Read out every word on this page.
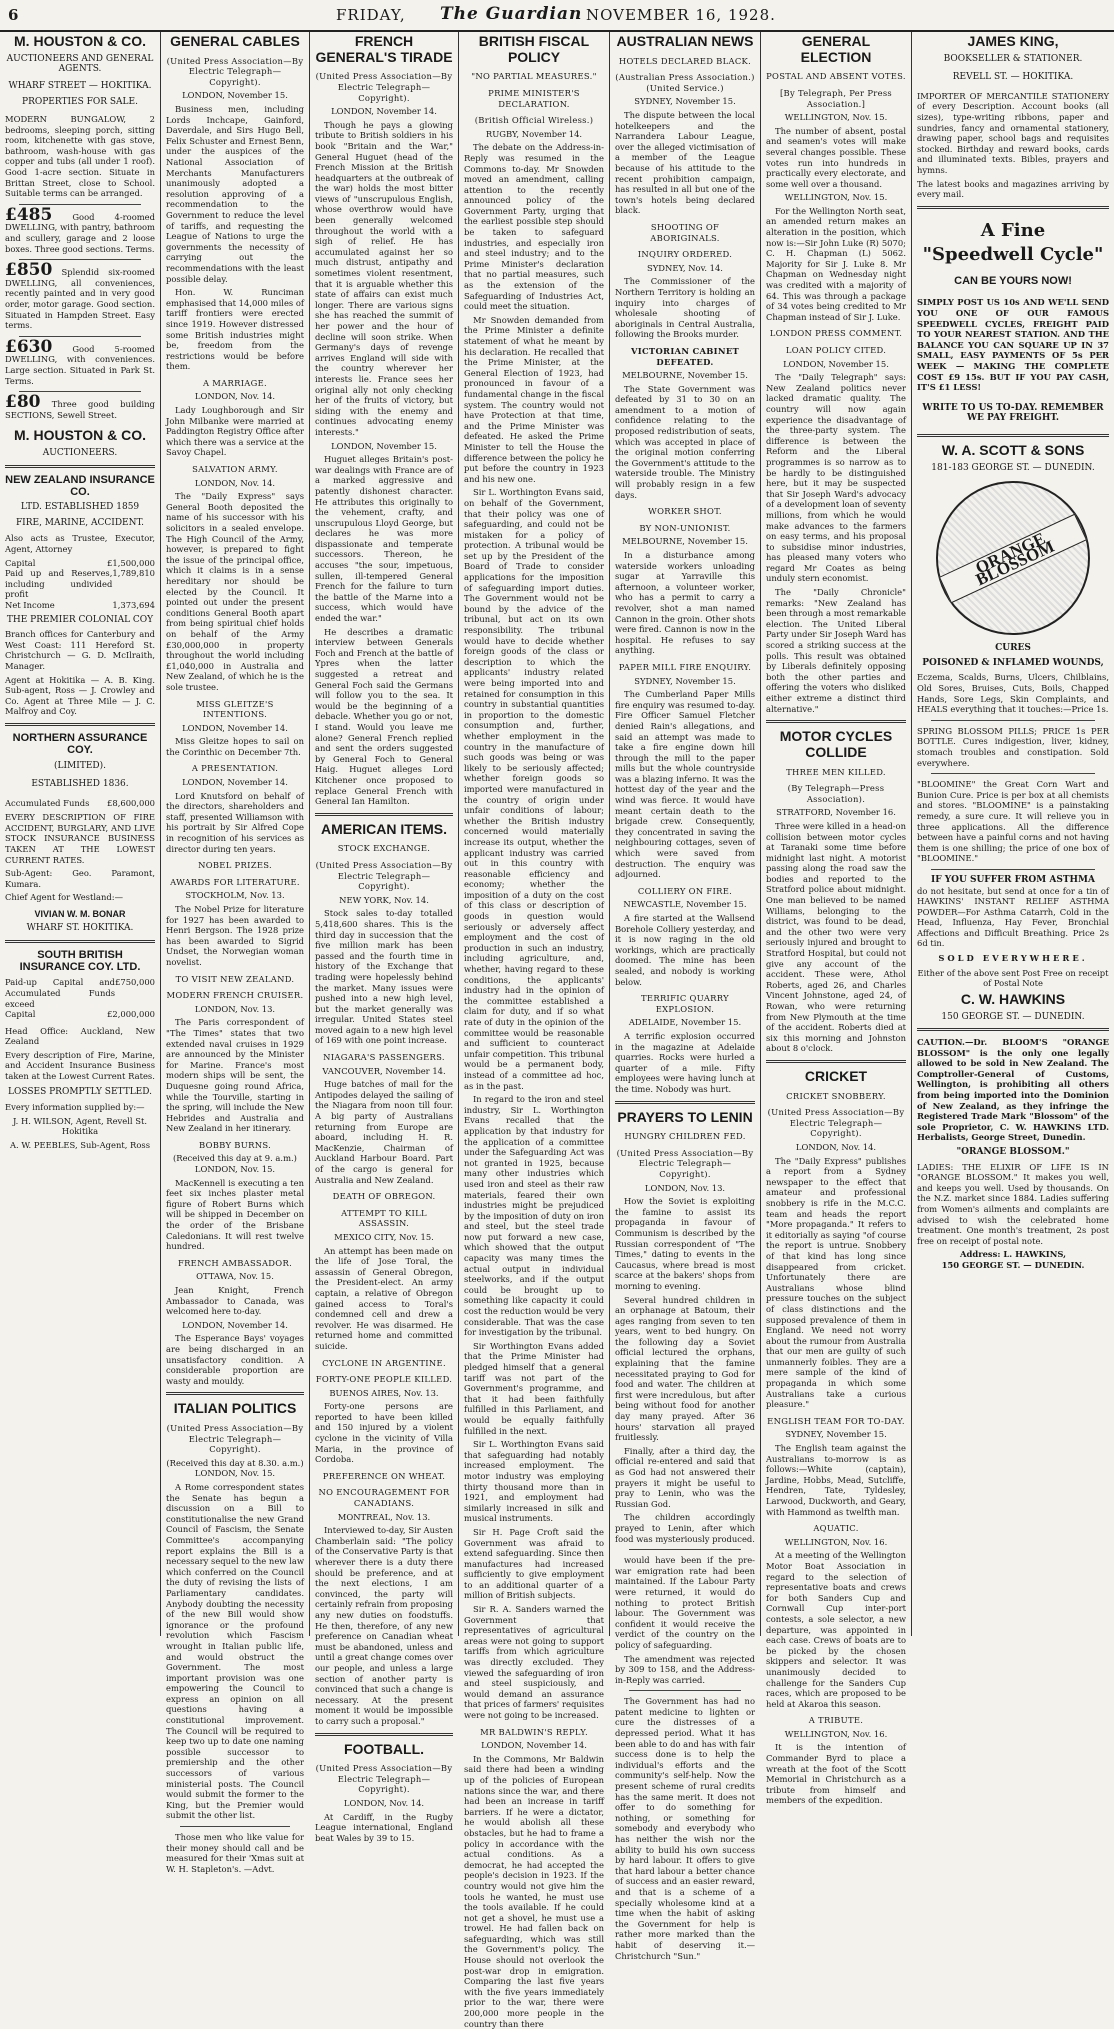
6	FRIDAY, The Guardian NOVEMBER 16, 1928.
M. HOUSTON & CO.
AUCTIONEERS AND GENERAL AGENTS.
WHARF STREET — HOKITIKA.
PROPERTIES FOR SALE.

MODERN BUNGALOW, 2 bedrooms, sleeping porch, sitting room, kitchenette with gas stove, bathroom, wash-house with gas copper and tubs (all under 1 roof). Good 1-acre section. Situate in Brittan Street, close to School. Suitable terms can be arranged.

£485 Good 4-roomed DWELLING, with pantry, bathroom and scullery, garage and 2 loose boxes. Three good sections. Terms.

£850 Splendid six-roomed DWELLING, all conveniences, recently painted and in very good order, motor garage. Good section. Situated in Hampden Street. Easy terms.

£630 Good 5-roomed DWELLING, with conveniences. Large section. Situated in Park St. Terms.

£80 Three good building SECTIONS, Sewell Street.

M. HOUSTON & CO.
AUCTIONEERS.
NEW ZEALAND INSURANCE CO.
LTD. ESTABLISHED 1859
FIRE, MARINE, ACCIDENT.

Also acts as Trustee, Executor, Agent, Attorney

Capital	£1,500,000
Paid up and Reserves, including undivided profit
1,789,810
Net Income	1,373,694
THE PREMIER COLONIAL COY

Branch offices for Canterbury and West Coast: 111 Hereford St. Christchurch — G. D. McIlraith, Manager.

Agent at Hokitika — A. B. King. Sub-agent, Ross — J. Crowley and Co. Agent at Three Mile — J. C. Malfroy and Coy.

NORTHERN ASSURANCE COY.
(LIMITED).
ESTABLISHED 1836.
Accumulated Funds £8,600,000

EVERY DESCRIPTION OF FIRE ACCIDENT, BURGLARY, AND LIVE STOCK INSURANCE BUSINESS TAKEN AT THE LOWEST CURRENT RATES.

Sub-Agent: Geo. Paramont, Kumara.

Chief Agent for Westland:—

VIVIAN W. M. BONAR
WHARF ST. HOKITIKA.
SOUTH BRITISH INSURANCE COY. LTD.
Paid-up Capital and Accumulated Funds exceed
£750,000
Capital	£2,000,000

Head Office: Auckland, New Zealand

Every description of Fire, Marine, and Accident Insurance Business taken at the Lowest Current Rates.

LOSSES PROMPTLY SETTLED.

Every information supplied by:—

J. H. WILSON, Agent, Revell St. Hokitika

A. W. PEEBLES, Sub-Agent, Ross

GENERAL CABLES
(United Press Association—By Electric Telegraph—Copyright).
LONDON, November 15.

Business men, including Lords Inchcape, Gainford, Daverdale, and Sirs Hugo Bell, Felix Schuster and Ernest Benn, under the auspices of the National Association of Merchants Manufacturers unanimously adopted a resolution approving of a recommendation to the Government to reduce the level of tariffs, and requesting the League of Nations to urge the governments the necessity of carrying out the recommendations with the least possible delay.

Hon. W. Runciman emphasised that 14,000 miles of tariff frontiers were erected since 1919. However distressed some British industries might be, freedom from the restrictions would be before them.

A MARRIAGE.
LONDON, Nov. 14.

Lady Loughborough and Sir John Milbanke were married at Paddington Registry Office after which there was a service at the Savoy Chapel.

SALVATION ARMY.
LONDON, Nov. 14.

The "Daily Express" says General Booth deposited the name of his successor with his solicitors in a sealed envelope. The High Council of the Army, however, is prepared to fight the issue of the principal office, which it claims is in a sense hereditary nor should be elected by the Council. It pointed out under the present conditions General Booth apart from being spiritual chief holds on behalf of the Army £30,000,000 in property throughout the world including £1,040,000 in Australia and New Zealand, of which he is the sole trustee.

MISS GLEITZE'S INTENTIONS.
LONDON, November 14.

Miss Gleitze hopes to sail on the Corinthic on December 7th.

A PRESENTATION.
LONDON, November 14.

Lord Knutsford on behalf of the directors, shareholders and staff, presented Williamson with his portrait by Sir Alfred Cope in recognition of his services as director during ten years.

NOBEL PRIZES.
AWARDS FOR LITERATURE.
STOCKHOLM, Nov. 13.

The Nobel Prize for literature for 1927 has been awarded to Henri Bergson. The 1928 prize has been awarded to Sigrid Undset, the Norwegian woman novelist.

TO VISIT NEW ZEALAND.
MODERN FRENCH CRUISER.
LONDON, Nov. 13.

The Paris correspondent of "The Times" states that two extended naval cruises in 1929 are announced by the Minister for Marine. France's most modern ships will be sent, the Duquesne going round Africa, while the Tourville, starting in the spring, will include the New Hebrides and Australia and New Zealand in her itinerary.

BOBBY BURNS.
(Received this day at 9. a.m.) LONDON, Nov. 15.

MacKennell is executing a ten feet six inches plaster metal figure of Robert Burns which will be shipped in December on the order of the Brisbane Caledonians. It will rest twelve hundred.

FRENCH AMBASSADOR.
OTTAWA, Nov. 15.

Jean Knight, French Ambassador to Canada, was welcomed here to-day.

LONDON, November 14.

The Esperance Bays' voyages are being discharged in an unsatisfactory condition. A considerable proportion are wasty and mouldy.

ITALIAN POLITICS
(United Press Association—By Electric Telegraph—Copyright).
(Received this day at 8.30. a.m.) LONDON, Nov. 15.

A Rome correspondent states the Senate has begun a discussion on a Bill to constitutionalise the new Grand Council of Fascism, the Senate Committee's accompanying report explains the Bill is a necessary sequel to the new law which conferred on the Council the duty of revising the lists of Parliamentary candidates. Anybody doubting the necessity of the new Bill would show ignorance or the profound revolution which Fascism wrought in Italian public life, and would obstruct the Government. The most important provision was one empowering the Council to express an opinion on all questions having a constitutional improvement. The Council will be required to keep two up to date one naming possible successor to premiership and the other successors of various ministerial posts. The Council would submit the former to the King, but the Premier would submit the other list.

Those men who like value for their money should call and be measured for their 'Xmas suit at W. H. Stapleton's. —Advt.

FRENCH GENERAL'S TIRADE
(United Press Association—By Electric Telegraph—Copyright).
LONDON, November 14.

Though he pays a glowing tribute to British soldiers in his book "Britain and the War," General Huguet (head of the French Mission at the British headquarters at the outbreak of the war) holds the most bitter views of "unscrupulous English, whose overthrow would have been generally welcomed throughout the world with a sigh of relief. He has accumulated against her so much distrust, antipathy and sometimes violent resentment, that it is arguable whether this state of affairs can exist much longer. There are various signs she has reached the summit of her power and the hour of decline will soon strike. When Germany's days of revenge arrives England will side with the country wherever her interests lie. France sees her original ally not only checking her of the fruits of victory, but siding with the enemy and continues advocating enemy interests."

LONDON, November 15.

Huguet alleges Britain's post-war dealings with France are of a marked aggressive and patently dishonest character. He attributes this originally to the vehement, crafty, and unscrupulous Lloyd George, but declares he was more dispassionate and temperate successors. Thereon, he accuses "the sour, impetuous, sullen, ill-tempered General French for the failure to turn the battle of the Marne into a success, which would have ended the war."

He describes a dramatic interview between Generals Foch and French at the battle of Ypres when the latter suggested a retreat and General Foch said the Germans will follow you to the sea. It would be the beginning of a debacle. Whether you go or not, I stand. Would you leave me alone? General French replied and sent the orders suggested by General Foch to General Haig. Huguet alleges Lord Kitchener once proposed to replace General French with General Ian Hamilton.

AMERICAN ITEMS.
STOCK EXCHANGE.
(United Press Association—By Electric Telegraph—Copyright).
NEW YORK, Nov. 14.

Stock sales to-day totalled 5,418,600 shares. This is the third day in succession that the five million mark has been passed and the fourth time in history of the Exchange that trading were hopelessly behind the market. Many issues were pushed into a new high level, but the market generally was irregular. United States steel moved again to a new high level of 169 with one point increase.

NIAGARA'S PASSENGERS.
VANCOUVER, November 14.

Huge batches of mail for the Antipodes delayed the sailing of the Niagara from noon till four. A big party of Australians returning from Europe are aboard, including H. R. MacKenzie, Chairman of Auckland Harbour Board. Part of the cargo is general for Australia and New Zealand.

DEATH OF OBREGON.
ATTEMPT TO KILL ASSASSIN.
MEXICO CITY, Nov. 15.

An attempt has been made on the life of Jose Toral, the assassin of General Obregon, the President-elect. An army captain, a relative of Obregon gained access to Toral's condemned cell and drew a revolver. He was disarmed. He returned home and committed suicide.

CYCLONE IN ARGENTINE.
FORTY-ONE PEOPLE KILLED.
BUENOS AIRES, Nov. 13.

Forty-one persons are reported to have been killed and 150 injured by a violent cyclone in the vicinity of Villa Maria, in the province of Cordoba.

PREFERENCE ON WHEAT.
NO ENCOURAGEMENT FOR CANADIANS.
MONTREAL, Nov. 13.

Interviewed to-day, Sir Austen Chamberlain said: "The policy of the Conservative Party is that wherever there is a duty there should be preference, and at the next elections, I am convinced, the party will certainly refrain from proposing any new duties on foodstuffs. He then, therefore, of any new preference on Canadian wheat must be abandoned, unless and until a great change comes over our people, and unless a large section of another party is convinced that such a change is necessary. At the present moment it would be impossible to carry such a proposal."

FOOTBALL.
(United Press Association—By Electric Telegraph—Copyright).
LONDON, Nov. 14.

At Cardiff, in the Rugby League international, England beat Wales by 39 to 15.

BRITISH FISCAL POLICY
"NO PARTIAL MEASURES."
PRIME MINISTER'S DECLARATION.
(British Official Wireless.)
RUGBY, November 14.

The debate on the Address-in-Reply was resumed in the Commons to-day. Mr Snowden moved an amendment, calling attention to the recently announced policy of the Government Party, urging that the earliest possible step should be taken to safeguard industries, and especially iron and steel industry; and to the Prime Minister's declaration that no partial measures, such as the extension of the Safeguarding of Industries Act, could meet the situation.

Mr Snowden demanded from the Prime Minister a definite statement of what he meant by his declaration. He recalled that the Prime Minister, at the General Election of 1923, had pronounced in favour of a fundamental change in the fiscal system. The country would not have Protection at that time, and the Prime Minister was defeated. He asked the Prime Minister to tell the House the difference between the policy he put before the country in 1923 and his new one.

Sir L. Worthington Evans said, on behalf of the Government, that their policy was one of safeguarding, and could not be mistaken for a policy of protection. A tribunal would be set up by the President of the Board of Trade to consider applications for the imposition of safeguarding import duties. The Government would not be bound by the advice of the tribunal, but act on its own responsibility. The tribunal would have to decide whether foreign goods of the class or description to which the applicants' industry related were being imported into and retained for consumption in this country in substantial quantities in proportion to the domestic consumption and, further, whether employment in the country in the manufacture of such goods was being or was likely to be seriously affected; whether foreign goods so imported were manufactured in the country of origin under unfair conditions of labour; whether the British industry concerned would materially increase its output, whether the applicant industry was carried out in this country with reasonable efficiency and economy; whether the imposition of a duty on the cost of this class or description of goods in question would seriously or adversely affect employment and the cost of production in such an industry, including agriculture, and, whether, having regard to these conditions, the applicants' industry had in the opinion of the committee established a claim for duty, and if so what rate of duty in the opinion of the committee would be reasonable and sufficient to counteract unfair competition. This tribunal would be a permanent body, instead of a committee ad hoc, as in the past.

In regard to the iron and steel industry, Sir L. Worthington Evans recalled that the application by that industry for the application of a committee under the Safeguarding Act was not granted in 1925, because many other industries which used iron and steel as their raw materials, feared their own industries might be prejudiced by the imposition of duty on iron and steel, but the steel trade now put forward a new case, which showed that the output capacity was many times the actual output in individual steelworks, and if the output could be brought up to something like capacity it could cost the reduction would be very considerable. That was the case for investigation by the tribunal.

Sir Worthington Evans added that the Prime Minister had pledged himself that a general tariff was not part of the Government's programme, and that it had been faithfully fulfilled in this Parliament, and would be equally faithfully fulfilled in the next.

Sir L. Worthington Evans said that safeguarding had notably increased employment. The motor industry was employing thirty thousand more than in 1921, and employment had similarly increased in silk and musical instruments.

Sir H. Page Croft said the Government was afraid to extend safeguarding. Since then manufactures had increased sufficiently to give employment to an additional quarter of a million of British subjects.

Sir R. A. Sanders warned the Government that representatives of agricultural areas were not going to support tariffs from which agriculture was directly excluded. They viewed the safeguarding of iron and steel suspiciously, and would demand an assurance that prices of farmers' requisites were not going to be increased.

MR BALDWIN'S REPLY.
LONDON, November 14.

In the Commons, Mr Baldwin said there had been a winding up of the policies of European nations since the war, and there had been an increase in tariff barriers. If he were a dictator, he would abolish all these obstacles, but he had to frame a policy in accordance with the actual conditions. As a democrat, he had accepted the people's decision in 1923. If the country would not give him the tools he wanted, he must use the tools available. If he could not get a shovel, he must use a trowel. He had fallen back on safeguarding, which was still the Government's policy. The House should not overlook the post-war drop in emigration. Comparing the last five years with the five years immediately prior to the war, there were 200,000 more people in the country than there

AUSTRALIAN NEWS
HOTELS DECLARED BLACK.
(Australian Press Association.) (United Service.)
SYDNEY, November 15.

The dispute between the local hotelkeepers and the Narrandera Labour League, over the alleged victimisation of a member of the League because of his attitude to the recent prohibition campaign, has resulted in all but one of the town's hotels being declared black.

SHOOTING OF ABORIGINALS.
INQUIRY ORDERED.
SYDNEY, Nov. 14.

The Commissioner of the Northern Territory is holding an inquiry into charges of wholesale shooting of aboriginals in Central Australia, following the Brooks murder.

VICTORIAN CABINET DEFEATED.
MELBOURNE, November 15.

The State Government was defeated by 31 to 30 on an amendment to a motion of confidence relating to the proposed redistribution of seats, which was accepted in place of the original motion conferring the Government's attitude to the waterside trouble. The Ministry will probably resign in a few days.

WORKER SHOT.
BY NON-UNIONIST.
MELBOURNE, November 15.

In a disturbance among waterside workers unloading sugar at Yarraville this afternoon, a volunteer worker, who has a permit to carry a revolver, shot a man named Cannon in the groin. Other shots were fired. Cannon is now in the hospital. He refuses to say anything.

PAPER MILL FIRE ENQUIRY.
SYDNEY, November 15.

The Cumberland Paper Mills fire enquiry was resumed to-day. Fire Officer Samuel Fletcher denied Rain's allegations, and said an attempt was made to take a fire engine down hill through the mill to the paper mills but the whole countryside was a blazing inferno. It was the hottest day of the year and the wind was fierce. It would have meant certain death to the brigade crew. Consequently, they concentrated in saving the neighbouring cottages, seven of which were saved from destruction. The enquiry was adjourned.

COLLIERY ON FIRE.
NEWCASTLE, November 15.

A fire started at the Wallsend Borehole Colliery yesterday, and it is now raging in the old workings, which are practically doomed. The mine has been sealed, and nobody is working below.

TERRIFIC QUARRY EXPLOSION.
ADELAIDE, November 15.

A terrific explosion occurred in the magazine at Adelaide quarries. Rocks were hurled a quarter of a mile. Fifty employees were having lunch at the time. Nobody was hurt.

PRAYERS TO LENIN
HUNGRY CHILDREN FED.
(United Press Association—By Electric Telegraph—Copyright).
LONDON, Nov. 13.

How the Soviet is exploiting the famine to assist its propaganda in favour of Communism is described by the Russian correspondent of "The Times," dating to events in the Caucasus, where bread is most scarce at the bakers' shops from morning to evening.

Several hundred children in an orphanage at Batoum, their ages ranging from seven to ten years, went to bed hungry. On the following day a Soviet official lectured the orphans, explaining that the famine necessitated praying to God for food and water. The children at first were incredulous, but after being without food for another day many prayed. After 36 hours' starvation all prayed fruitlessly.

Finally, after a third day, the official re-entered and said that as God had not answered their prayers it might be useful to pray to Lenin, who was the Russian God.

The children accordingly prayed to Lenin, after which food was mysteriously produced.

would have been if the pre-war emigration rate had been maintained. If the Labour Party were returned, it would do nothing to protect British labour. The Government was confident it would receive the verdict of the country on the policy of safeguarding.

The amendment was rejected by 309 to 158, and the Address-in-Reply was carried.

The Government has had no patent medicine to lighten or cure the distresses of a depressed period. What it has been able to do and has with fair success done is to help the individual's efforts and the community's self-help. Now the present scheme of rural credits has the same merit. It does not offer to do something for nothing, or something for somebody and everybody who has neither the wish nor the ability to build his own success by hard labour. It offers to give that hard labour a better chance of success and an easier reward, and that is a scheme of a specially wholesome kind at a time when the habit of asking the Government for help is rather more marked than the habit of deserving it.— Christchurch "Sun."

GENERAL ELECTION
POSTAL AND ABSENT VOTES.
[By Telegraph, Per Press Association.]
WELLINGTON, Nov. 15.

The number of absent, postal and seamen's votes will make several changes possible. These votes run into hundreds in practically every electorate, and some well over a thousand.

WELLINGTON, Nov. 15.

For the Wellington North seat, an amended return makes an alteration in the position, which now is:—Sir John Luke (R) 5070; C. H. Chapman (L) 5062. Majority for Sir J. Luke 8. Mr Chapman on Wednesday night was credited with a majority of 64. This was through a package of 34 votes being credited to Mr Chapman instead of Sir J. Luke.

LONDON PRESS COMMENT.
LOAN POLICY CITED.
LONDON, November 15.

The "Daily Telegraph" says: New Zealand politics never lacked dramatic quality. The country will now again experience the disadvantage of the three-party system. The difference is between the Reform and the Liberal programmes is so narrow as to be hardly to be distinguished here, but it may be suspected that Sir Joseph Ward's advocacy of a development loan of seventy millions, from which he would make advances to the farmers on easy terms, and his proposal to subsidise minor industries, has pleased many voters who regard Mr Coates as being unduly stern economist.

The "Daily Chronicle" remarks: "New Zealand has been through a most remarkable election. The United Liberal Party under Sir Joseph Ward has scored a striking success at the polls. This result was obtained by Liberals definitely opposing both the other parties and offering the voters who disliked either extreme a distinct third alternative."

MOTOR CYCLES COLLIDE
THREE MEN KILLED.
(By Telegraph—Press Association).
STRATFORD, November 16.

Three were killed in a head-on collision between motor cycles at Taranaki some time before midnight last night. A motorist passing along the road saw the bodies and reported to the Stratford police about midnight. One man believed to be named Williams, belonging to the district, was found to be dead, and the other two were very seriously injured and brought to Stratford Hospital, but could not give any account of the accident. These were, Athol Roberts, aged 26, and Charles Vincent Johnstone, aged 24, of Rowan, who were returning from New Plymouth at the time of the accident. Roberts died at six this morning and Johnston about 8 o'clock.

CRICKET
CRICKET SNOBBERY.
(United Press Association—By Electric Telegraph—Copyright).
LONDON, Nov. 14.

The "Daily Express" publishes a report from a Sydney newspaper to the effect that amateur and professional snobbery is rife in the M.C.C. team and heads the report "More propaganda." It refers to it editorially as saying "of course the report is untrue. Snobbery of that kind has long since disappeared from cricket. Unfortunately there are Australians whose blind pressure touches on the subject of class distinctions and the supposed prevalence of them in England. We need not worry about the rumour from Australia that our men are guilty of such unmannerly foibles. They are a mere sample of the kind of propaganda in which some Australians take a curious pleasure."

ENGLISH TEAM FOR TO-DAY.
SYDNEY, November 15.

The English team against the Australians to-morrow is as follows:—White (captain), Jardine, Hobbs, Mead, Sutcliffe, Hendren, Tate, Tyldesley, Larwood, Duckworth, and Geary, with Hammond as twelfth man.

AQUATIC.
WELLINGTON, Nov. 16.

At a meeting of the Wellington Motor Boat Association in regard to the selection of representative boats and crews for both Sanders Cup and Cornwall Cup inter-port contests, a sole selector, a new departure, was appointed in each case. Crews of boats are to be picked by the chosen skippers and selector. It was unanimously decided to challenge for the Sanders Cup races, which are proposed to be held at Akaroa this season.

A TRIBUTE.
WELLINGTON, Nov. 16.

It is the intention of Commander Byrd to place a wreath at the foot of the Scott Memorial in Christchurch as a tribute from himself and members of the expedition.

JAMES KING,
BOOKSELLER & STATIONER.
REVELL ST. — HOKITIKA.

IMPORTER OF MERCANTILE STATIONERY of every Description. Account books (all sizes), type-writing ribbons, paper and sundries, fancy and ornamental stationery, drawing paper, school bags and requisites stocked. Birthday and reward books, cards and illuminated texts. Bibles, prayers and hymns.

The latest books and magazines arriving by every mail.

A Fine
"Speedwell Cycle"
CAN BE YOURS NOW!

SIMPLY POST US 10s AND WE'LL SEND YOU ONE OF OUR FAMOUS SPEEDWELL CYCLES, FREIGHT PAID TO YOUR NEAREST STATION. AND THE BALANCE YOU CAN SQUARE UP IN 37 SMALL, EASY PAYMENTS OF 5s PER WEEK — MAKING THE COMPLETE COST £9 15s. BUT IF YOU PAY CASH, IT'S £1 LESS!

WRITE TO US TO-DAY. REMEMBER WE PAY FREIGHT.
W. A. SCOTT & SONS
181-183 GEORGE ST. — DUNEDIN.
ORANGE BLOSSOM
CURES
POISONED & INFLAMED WOUNDS,

Eczema, Scalds, Burns, Ulcers, Chilblains, Old Sores, Bruises, Cuts, Boils, Chapped Hands, Sore Legs, Skin Complaints, and HEALS everything that it touches:—Price 1s.

SPRING BLOSSOM PILLS; PRICE 1s PER BOTTLE. Cures indigestion, liver, kidney, stomach troubles and constipation. Sold everywhere.

"BLOOMINE" the Great Corn Wart and Bunion Cure. Price is per box at all chemists and stores. "BLOOMINE" is a painstaking remedy, a sure cure. It will relieve you in three applications. All the difference between have a painful corns and not having them is one shilling; the price of one box of "BLOOMINE."

IF YOU SUFFER FROM ASTHMA

do not hesitate, but send at once for a tin of HAWKINS' INSTANT RELIEF ASTHMA POWDER—For Asthma Catarrh, Cold in the Head, Influenza, Hay Fever, Bronchial Affections and Difficult Breathing. Price 2s 6d tin.

SOLD EVERYWHERE.

Either of the above sent Post Free on receipt of Postal Note

C. W. HAWKINS
150 GEORGE ST. — DUNEDIN.

CAUTION.—Dr. BLOOM'S "ORANGE BLOSSOM" is the only one legally allowed to be sold in New Zealand. The Comptroller-General of Customs, Wellington, is prohibiting all others from being imported into the Dominion of New Zealand, as they infringe the Registered Trade Mark "Blossom" of the sole Proprietor, C. W. HAWKINS LTD. Herbalists, George Street, Dunedin.

"ORANGE BLOSSOM."

LADIES: THE ELIXIR OF LIFE IS IN "ORANGE BLOSSOM." It makes you well, and keeps you well. Used by thousands. On the N.Z. market since 1884. Ladies suffering from Women's ailments and complaints are advised to wish the celebrated home treatment. One month's treatment, 2s post free on receipt of postal note.

Address: L. HAWKINS,
150 GEORGE ST. — DUNEDIN.
